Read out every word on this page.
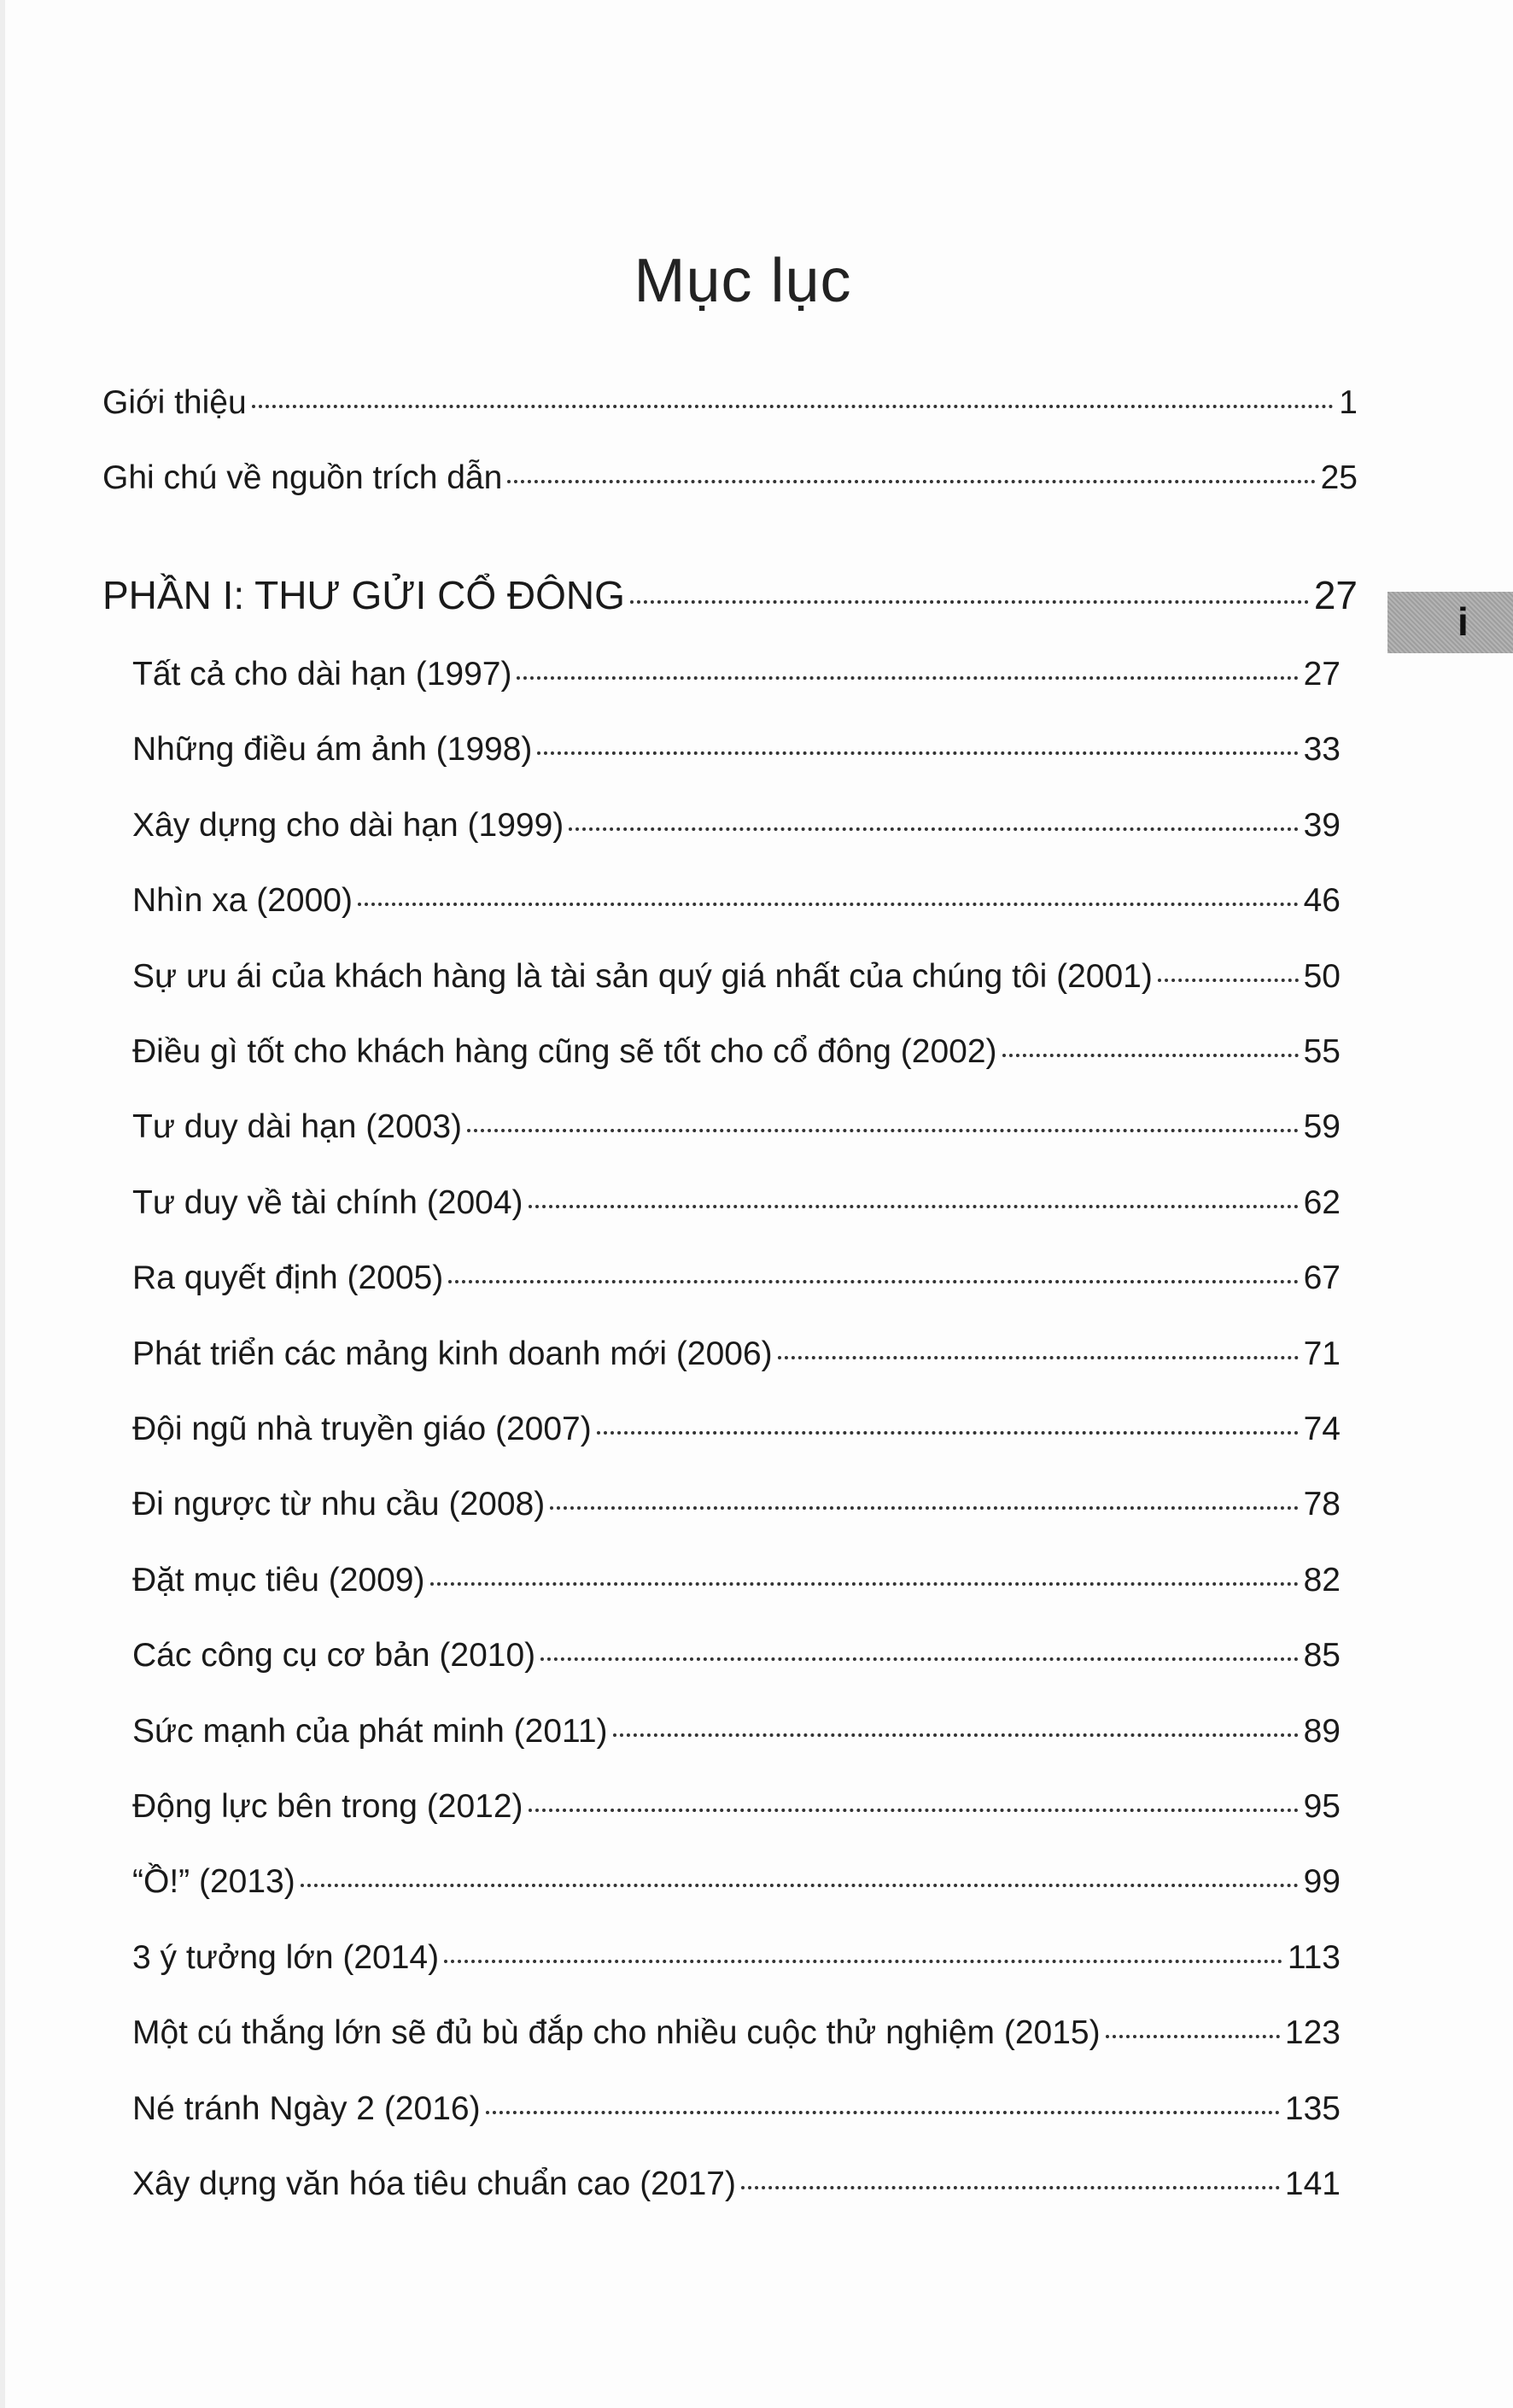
Mục lục
i
Giới thiệu	1
Ghi chú về nguồn trích dẫn	25
PHẦN I: THƯ GỬI CỔ ĐÔNG	27
Tất cả cho dài hạn (1997)	27
Những điều ám ảnh (1998)	33
Xây dựng cho dài hạn (1999)	39
Nhìn xa (2000)	46
Sự ưu ái của khách hàng là tài sản quý giá nhất của chúng tôi (2001)	50
Điều gì tốt cho khách hàng cũng sẽ tốt cho cổ đông (2002)	55
Tư duy dài hạn (2003)	59
Tư duy về tài chính (2004)	62
Ra quyết định (2005)	67
Phát triển các mảng kinh doanh mới (2006)	71
Đội ngũ nhà truyền giáo (2007)	74
Đi ngược từ nhu cầu (2008)	78
Đặt mục tiêu (2009)	82
Các công cụ cơ bản (2010)	85
Sức mạnh của phát minh (2011)	89
Động lực bên trong (2012)	95
“Ồ!” (2013)	99
3 ý tưởng lớn (2014)	113
Một cú thắng lớn sẽ đủ bù đắp cho nhiều cuộc thử nghiệm (2015)	123
Né tránh Ngày 2 (2016)	135
Xây dựng văn hóa tiêu chuẩn cao (2017)	141
